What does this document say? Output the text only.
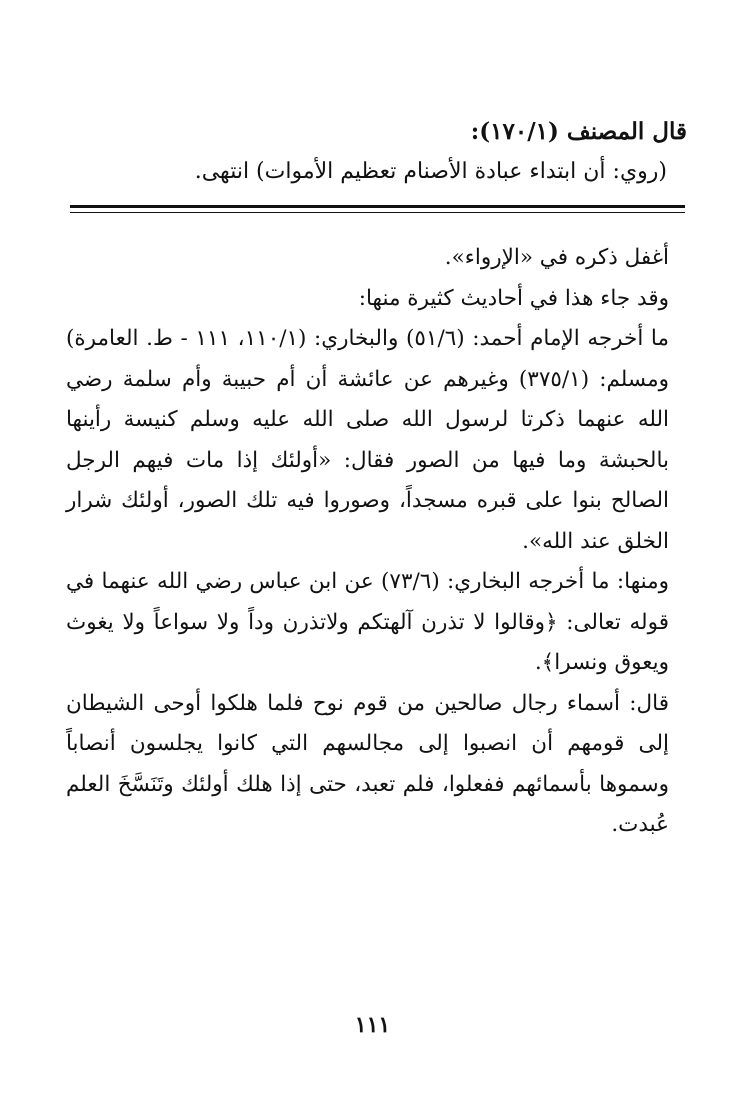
قال المصنف (١٧٠/١):

(روي: أن ابتداء عبادة الأصنام تعظيم الأموات) انتهى.

أغفل ذكره في «الإرواء».

وقد جاء هذا في أحاديث كثيرة منها:

ما أخرجه الإمام أحمد: (٥١/٦) والبخاري: (١١٠/١، ١١١ - ط. العامرة) ومسلم: (٣٧٥/١) وغيرهم عن عائشة أن أم حبيبة وأم سلمة رضي الله عنهما ذكرتا لرسول الله صلى الله عليه وسلم كنيسة رأينها بالحبشة وما فيها من الصور فقال: «أولئك إذا مات فيهم الرجل الصالح بنوا على قبره مسجداً، وصوروا فيه تلك الصور، أولئك شرار الخلق عند الله».

ومنها: ما أخرجه البخاري: (٧٣/٦) عن ابن عباس رضي الله عنهما في قوله تعالى: ﴿وقالوا لا تذرن آلهتكم ولاتذرن وداً ولا سواعاً ولا يغوث ويعوق ونسرا﴾.

قال: أسماء رجال صالحين من قوم نوح فلما هلكوا أوحى الشيطان إلى قومهم أن انصبوا إلى مجالسهم التي كانوا يجلسون أنصاباً وسموها بأسمائهم ففعلوا، فلم تعبد، حتى إذا هلك أولئك وتَنَسَّخَ العلم عُبدت.

١١١
